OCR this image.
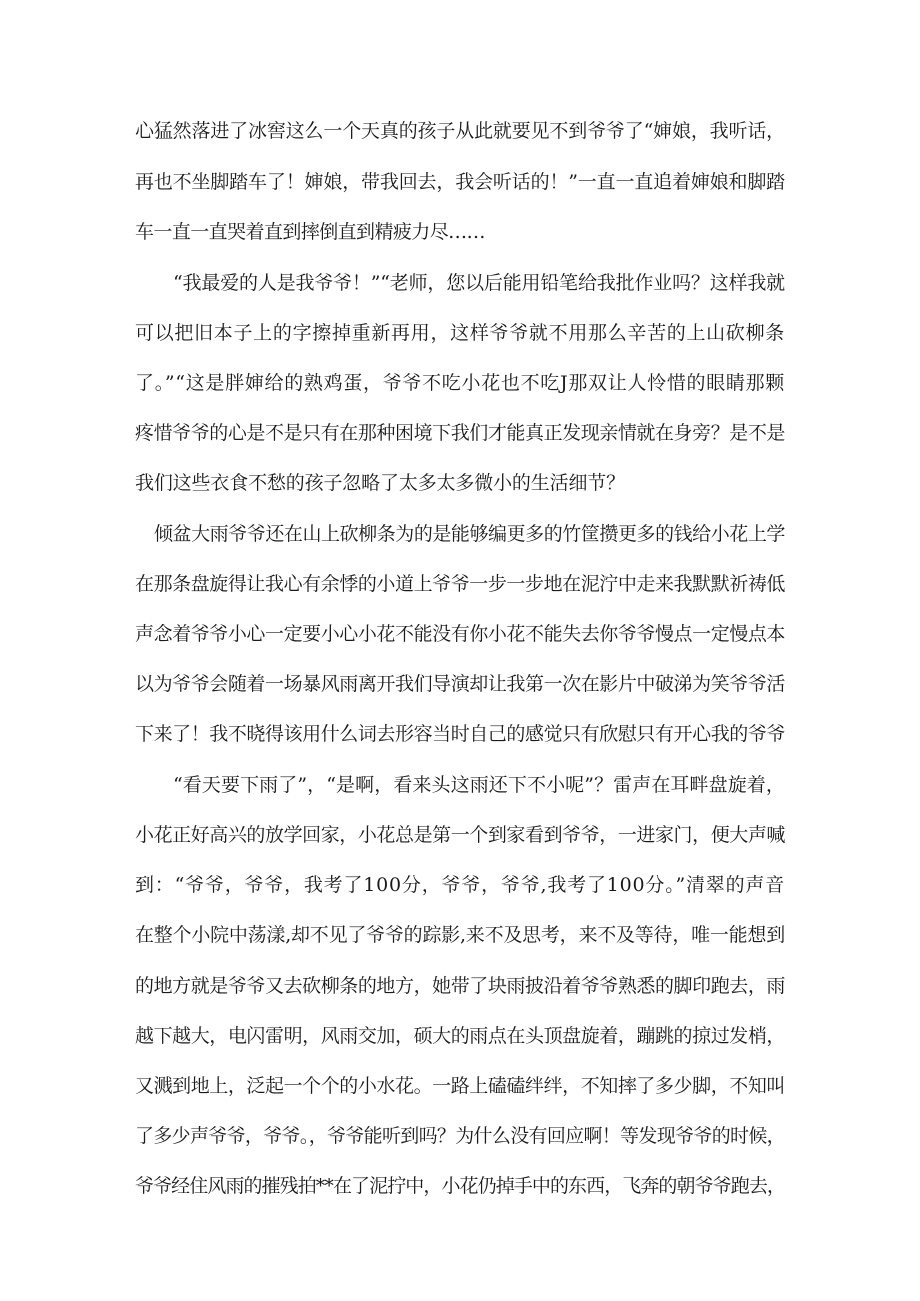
心猛然落进了冰窖这么一个天真的孩子从此就要见不到爷爷了“婶娘，我听话，
再也不坐脚踏车了！婶娘，带我回去，我会听话的！”一直一直追着婶娘和脚踏
车一直一直哭着直到摔倒直到精疲力尽……
“我最爱的人是我爷爷！”“老师，您以后能用铅笔给我批作业吗？这样我就
可以把旧本子上的字擦掉重新再用，这样爷爷就不用那么辛苦的上山砍柳条
了。”“这是胖婶给的熟鸡蛋，爷爷不吃小花也不吃J那双让人怜惜的眼睛那颗
疼惜爷爷的心是不是只有在那种困境下我们才能真正发现亲情就在身旁？是不是
我们这些衣食不愁的孩子忽略了太多太多微小的生活细节？
倾盆大雨爷爷还在山上砍柳条为的是能够编更多的竹筐攒更多的钱给小花上学
在那条盘旋得让我心有余悸的小道上爷爷一步一步地在泥泞中走来我默默祈祷低
声念着爷爷小心一定要小心小花不能没有你小花不能失去你爷爷慢点一定慢点本
以为爷爷会随着一场暴风雨离开我们导演却让我第一次在影片中破涕为笑爷爷活
下来了！我不晓得该用什么词去形容当时自己的感觉只有欣慰只有开心我的爷爷
“看天要下雨了”，“是啊，看来头这雨还下不小呢”？雷声在耳畔盘旋着，
小花正好高兴的放学回家，小花总是第一个到家看到爷爷，一进家门，便大声喊
到：“爷爷，爷爷，我考了100分，爷爷，爷爷,我考了100分。”清翠的声音
在整个小院中荡漾,却不见了爷爷的踪影,来不及思考，来不及等待，唯一能想到
的地方就是爷爷又去砍柳条的地方，她带了块雨披沿着爷爷熟悉的脚印跑去，雨
越下越大，电闪雷明，风雨交加，硕大的雨点在头顶盘旋着，蹦跳的掠过发梢，
又溅到地上，泛起一个个的小水花。一路上磕磕绊绊，不知摔了多少脚，不知叫
了多少声爷爷，爷爷。，爷爷能听到吗？为什么没有回应啊！等发现爷爷的时候，
爷爷经住风雨的摧残拍**在了泥拧中，小花仍掉手中的东西，飞奔的朝爷爷跑去，
